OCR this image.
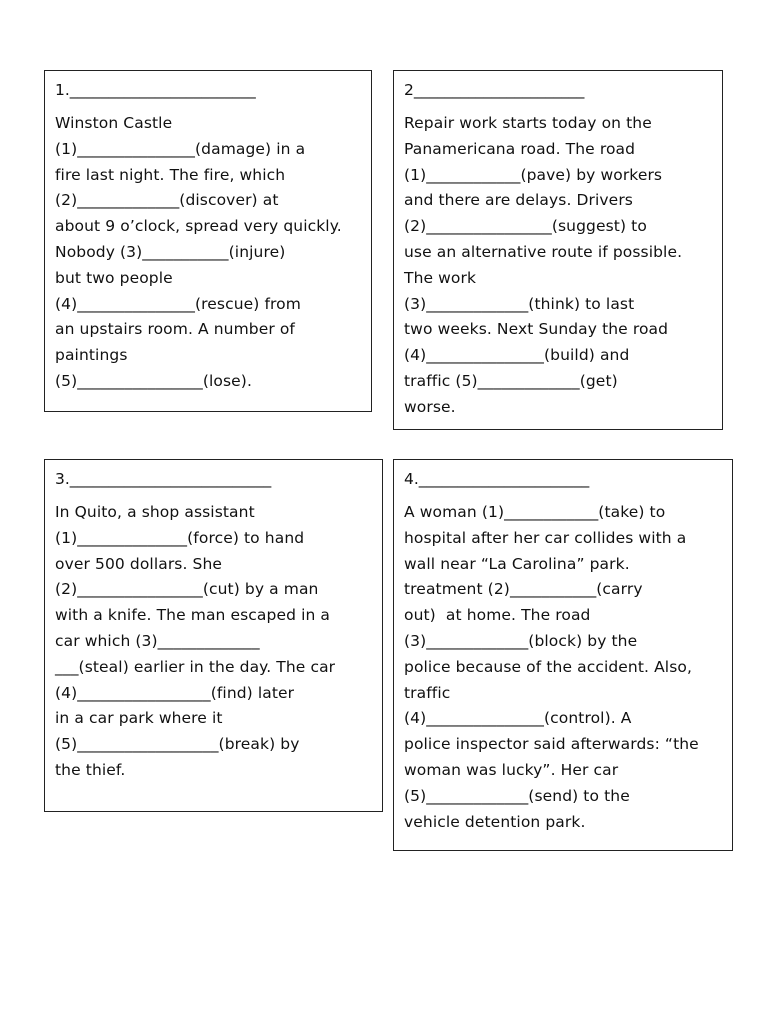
1.________________________
Winston Castle
(1)_______________(damage) in a
fire last night. The fire, which
(2)_____________(discover) at
about 9 o’clock, spread very quickly.
Nobody (3)___________(injure)
but two people
(4)_______________(rescue) from
an upstairs room. A number of
paintings
(5)________________(lose).
2______________________
Repair work starts today on the
Panamericana road. The road
(1)____________(pave) by workers
and there are delays. Drivers
(2)________________(suggest) to
use an alternative route if possible.
The work
(3)_____________(think) to last
two weeks. Next Sunday the road
(4)_______________(build) and
traffic (5)_____________(get)
worse.
3.__________________________
In Quito, a shop assistant
(1)______________(force) to hand
over 500 dollars. She
(2)________________(cut) by a man
with a knife. The man escaped in a
car which (3)_____________
___(steal) earlier in the day. The car
(4)_________________(find) later
in a car park where it
(5)__________________(break) by
the thief.
4.______________________
A woman (1)____________(take) to
hospital after her car collides with a
wall near “La Carolina” park.
treatment (2)___________(carry
out)  at home. The road
(3)_____________(block) by the
police because of the accident. Also,
traffic
(4)_______________(control). A
police inspector said afterwards: “the
woman was lucky”. Her car
(5)_____________(send) to the
vehicle detention park.
